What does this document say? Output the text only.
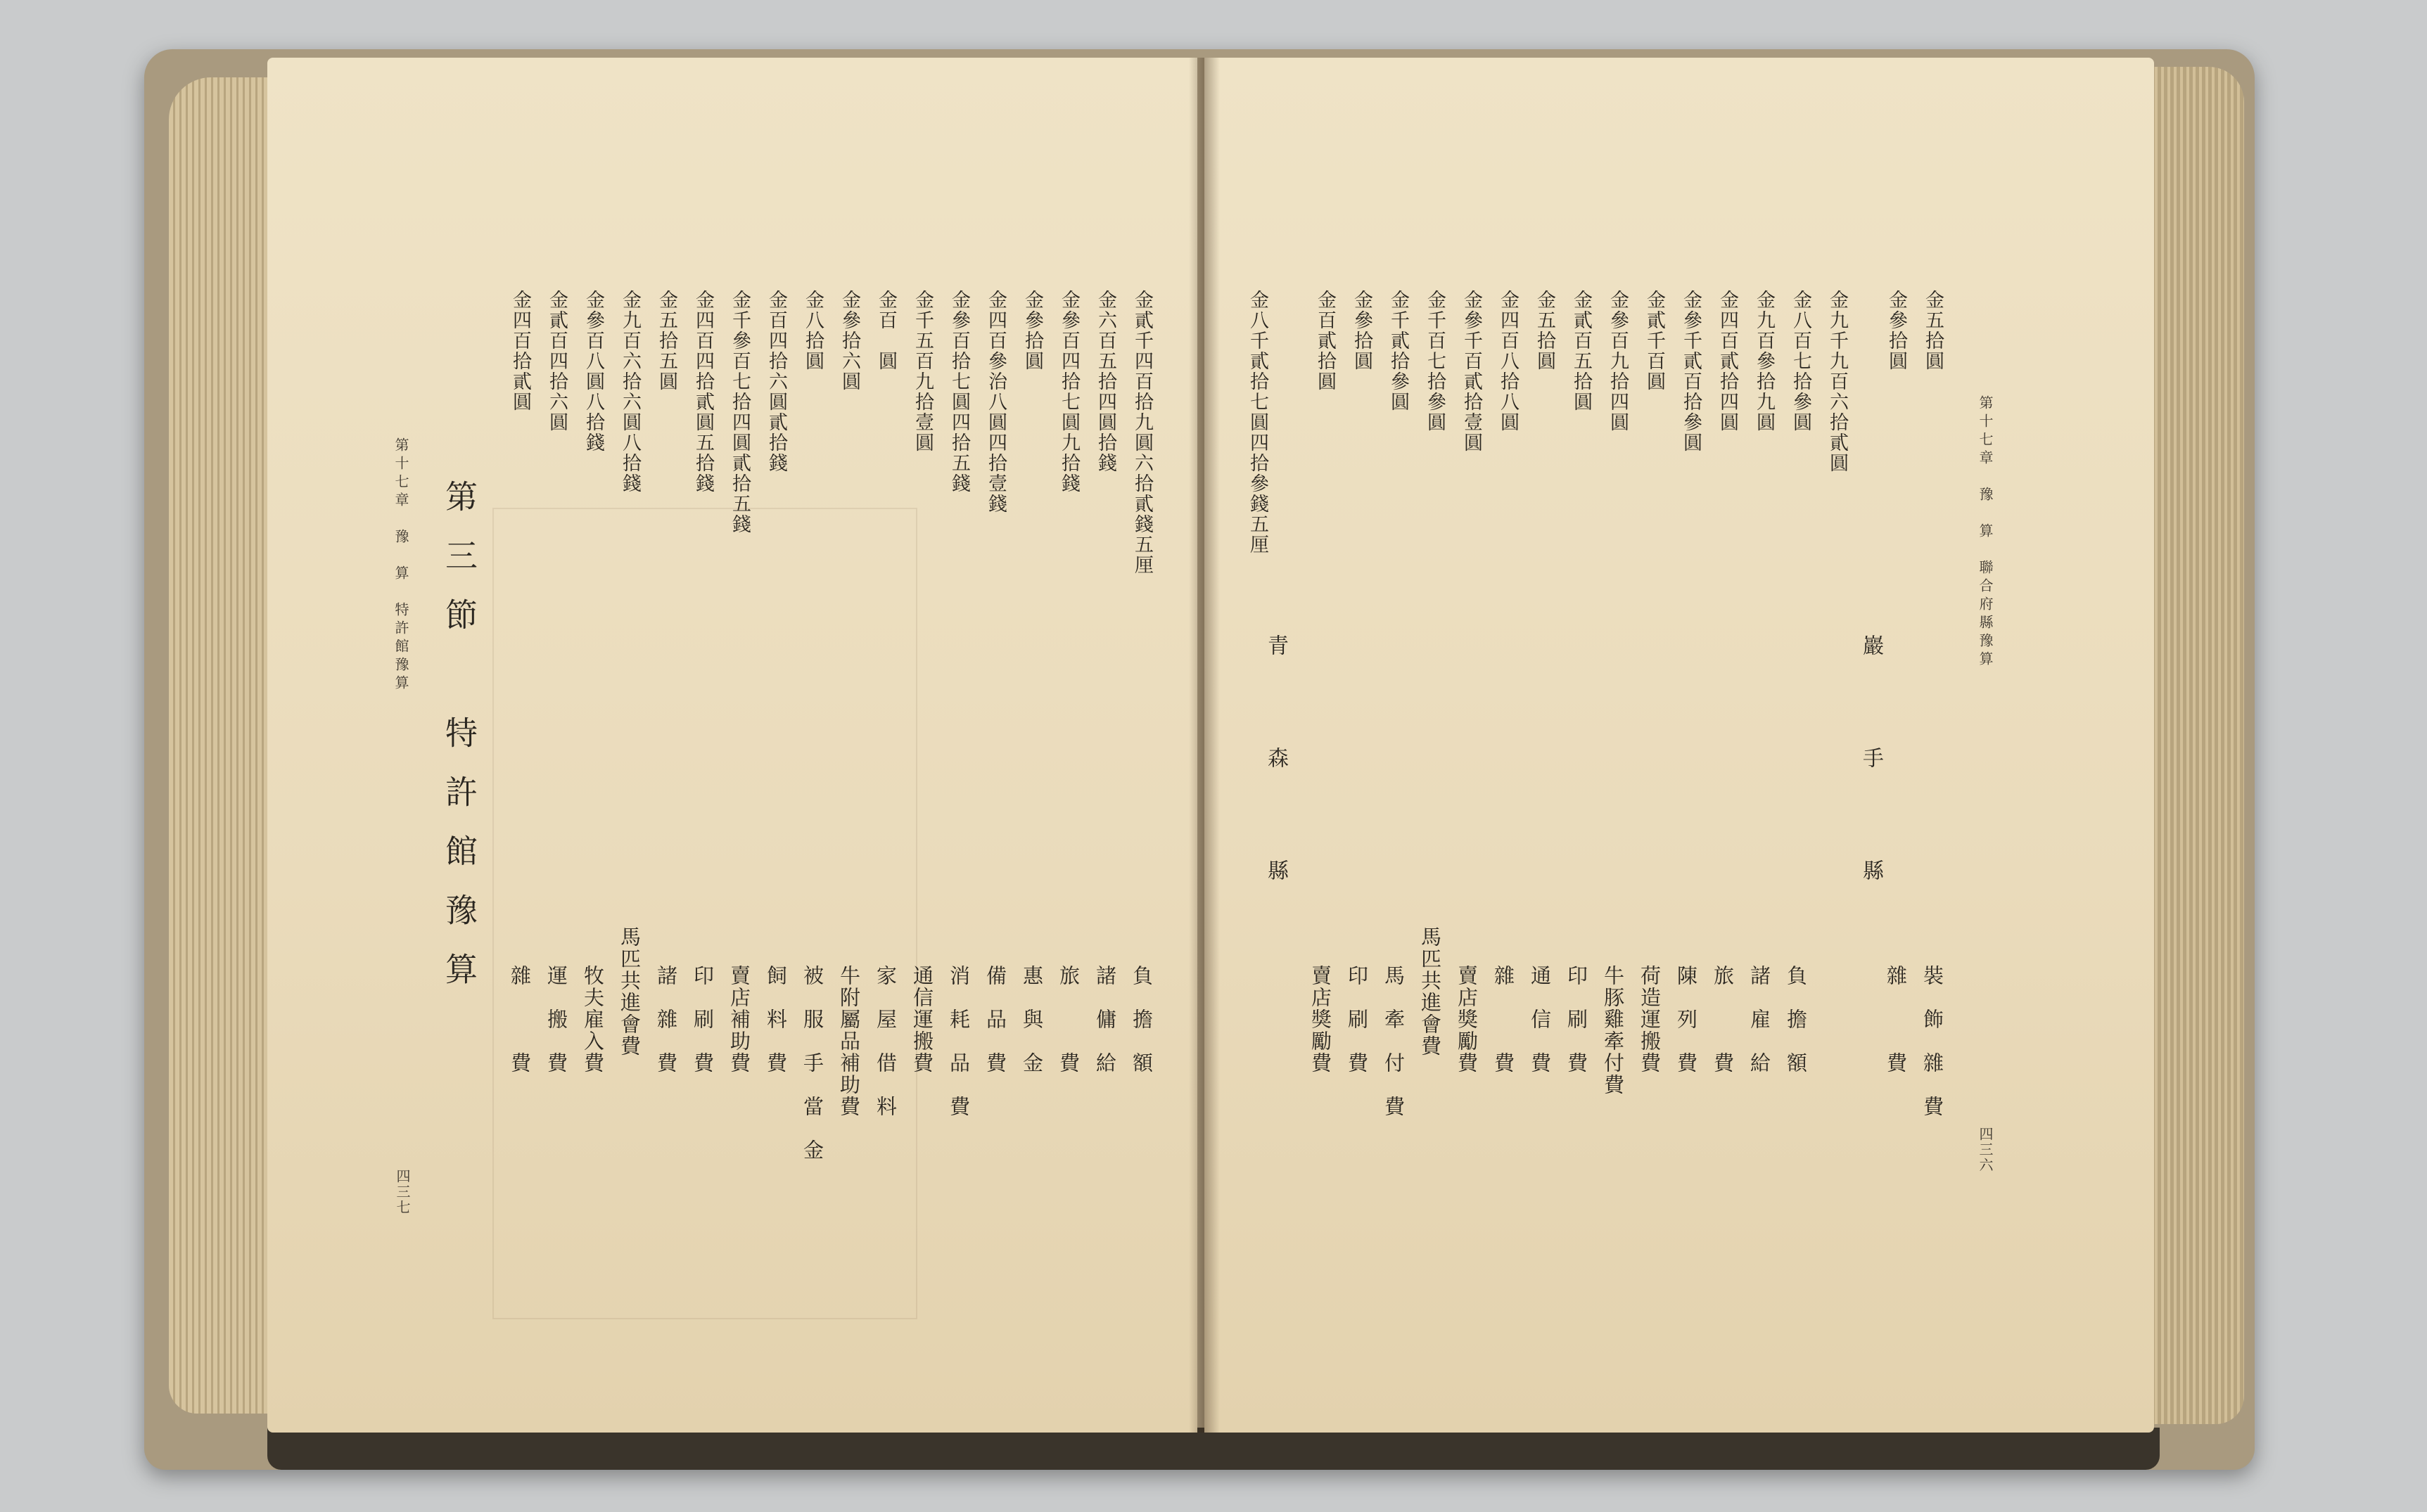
第十七章　豫　算　特許館豫算 第三節　特許館豫算
四三七
金貳千四百拾九圓六拾貳錢五厘
金六百五拾四圓拾錢
金參百四拾七圓九拾錢
金參拾圓
金四百參治八圓四拾壹錢
金參百拾七圓四拾五錢
金千五百九拾壹圓
金百　圓
金參拾六圓
金八拾圓
金百四拾六圓貳拾錢
金千參百七拾四圓貳拾五錢
金四百四拾貳圓五拾錢
金五拾五圓
金九百六拾六圓八拾錢
金參百八圓八拾錢
金貳百四拾六圓
金四百拾貳圓
負　擔　額
諸　傭　給
旅　　　費
惠　與　金
備　品　費
消　耗　品　費
通信運搬費
家　屋　借　料
牛附屬品補助費
被　服　手　當　金
飼　料　費
賣店補助費
印　刷　費
諸　雜　費
馬匹共進會費
牧夫雇入費
運　搬　費
雜　　　費
第十七章　豫　算　聯合府縣豫算
四三六
巖手縣
青森縣
金五拾圓
金參拾圓
金九千九百六拾貳圓
金八百七拾參圓
金九百參拾九圓
金四百貳拾四圓
金參千貳百拾參圓
金貳千百圓
金參百九拾四圓
金貳百五拾圓
金五拾圓
金四百八拾八圓
金參千百貳拾壹圓
金千百七拾參圓
金千貳拾參圓
金參拾圓
金百貳拾圓
金八千貳拾七圓四拾參錢五厘
裝　飾　雜　費
雜　　　費
負　擔　額
諸　雇　給
旅　　　費
陳　列　費
荷造運搬費
牛豚雞牽付費
印　刷　費
通　信　費
雜　　　費
賣店獎勵費
馬匹共進會費
馬　牽　付　費
印　刷　費
賣店獎勵費
